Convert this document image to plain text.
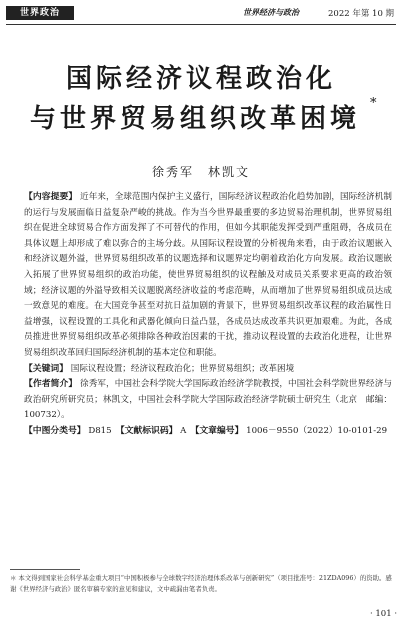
世界政治	世界经济与政治	2022 年第 10 期
国际经济议程政治化
与世界贸易组织改革困境
*
徐秀军　林凯文

【内容提要】 近年来，全球范围内保护主义盛行，国际经济议程政治化趋势加剧，国际经济机制的运行与发展面临日益复杂严峻的挑战。作为当今世界最重要的多边贸易治理机制，世界贸易组织在促进全球贸易合作方面发挥了不可替代的作用，但如今其职能发挥受到严重阻碍，各成员在具体议题上却形成了难以弥合的主场分歧。从国际议程设置的分析视角来看，由于政治议题嵌入和经济议题外溢，世界贸易组织改革的议题选择和议题界定均朝着政治化方向发展。政治议题嵌入拓展了世界贸易组织的政治功能，使世界贸易组织的议程触及对成员关系要求更高的政治领域；经济议题的外溢导致相关议题脱离经济收益的考虑范畴，从而增加了世界贸易组织成员达成一致意见的难度。在大国竞争甚至对抗日益加剧的背景下，世界贸易组织改革议程的政治属性日益增强，议程设置的工具化和武器化倾向日益凸显，各成员达成改革共识更加艰难。为此，各成员推进世界贸易组织改革必须排除各种政治因素的干扰，推动议程设置的去政治化进程，让世界贸易组织改革回归国际经济机制的基本定位和职能。

【关键词】 国际议程设置；经济议程政治化；世界贸易组织；改革困境

【作者简介】 徐秀军，中国社会科学院大学国际政治经济学院教授，中国社会科学院世界经济与政治研究所研究员；林凯文，中国社会科学院大学国际政治经济学院硕士研究生（北京　邮编：100732）。

【中图分类号】 D815　 【文献标识码】 A　 【文章编号】 1006－9550（2022）10-0101-29

＊ 本文得到国家社会科学基金重大项目“中国积极参与全球数字经济治理体系改革与创新研究”（项目批准号：21ZDA096）的资助。感谢《世界经济与政治》匿名审稿专家的意见和建议，文中疏漏由笔者负责。
· 101 ·
